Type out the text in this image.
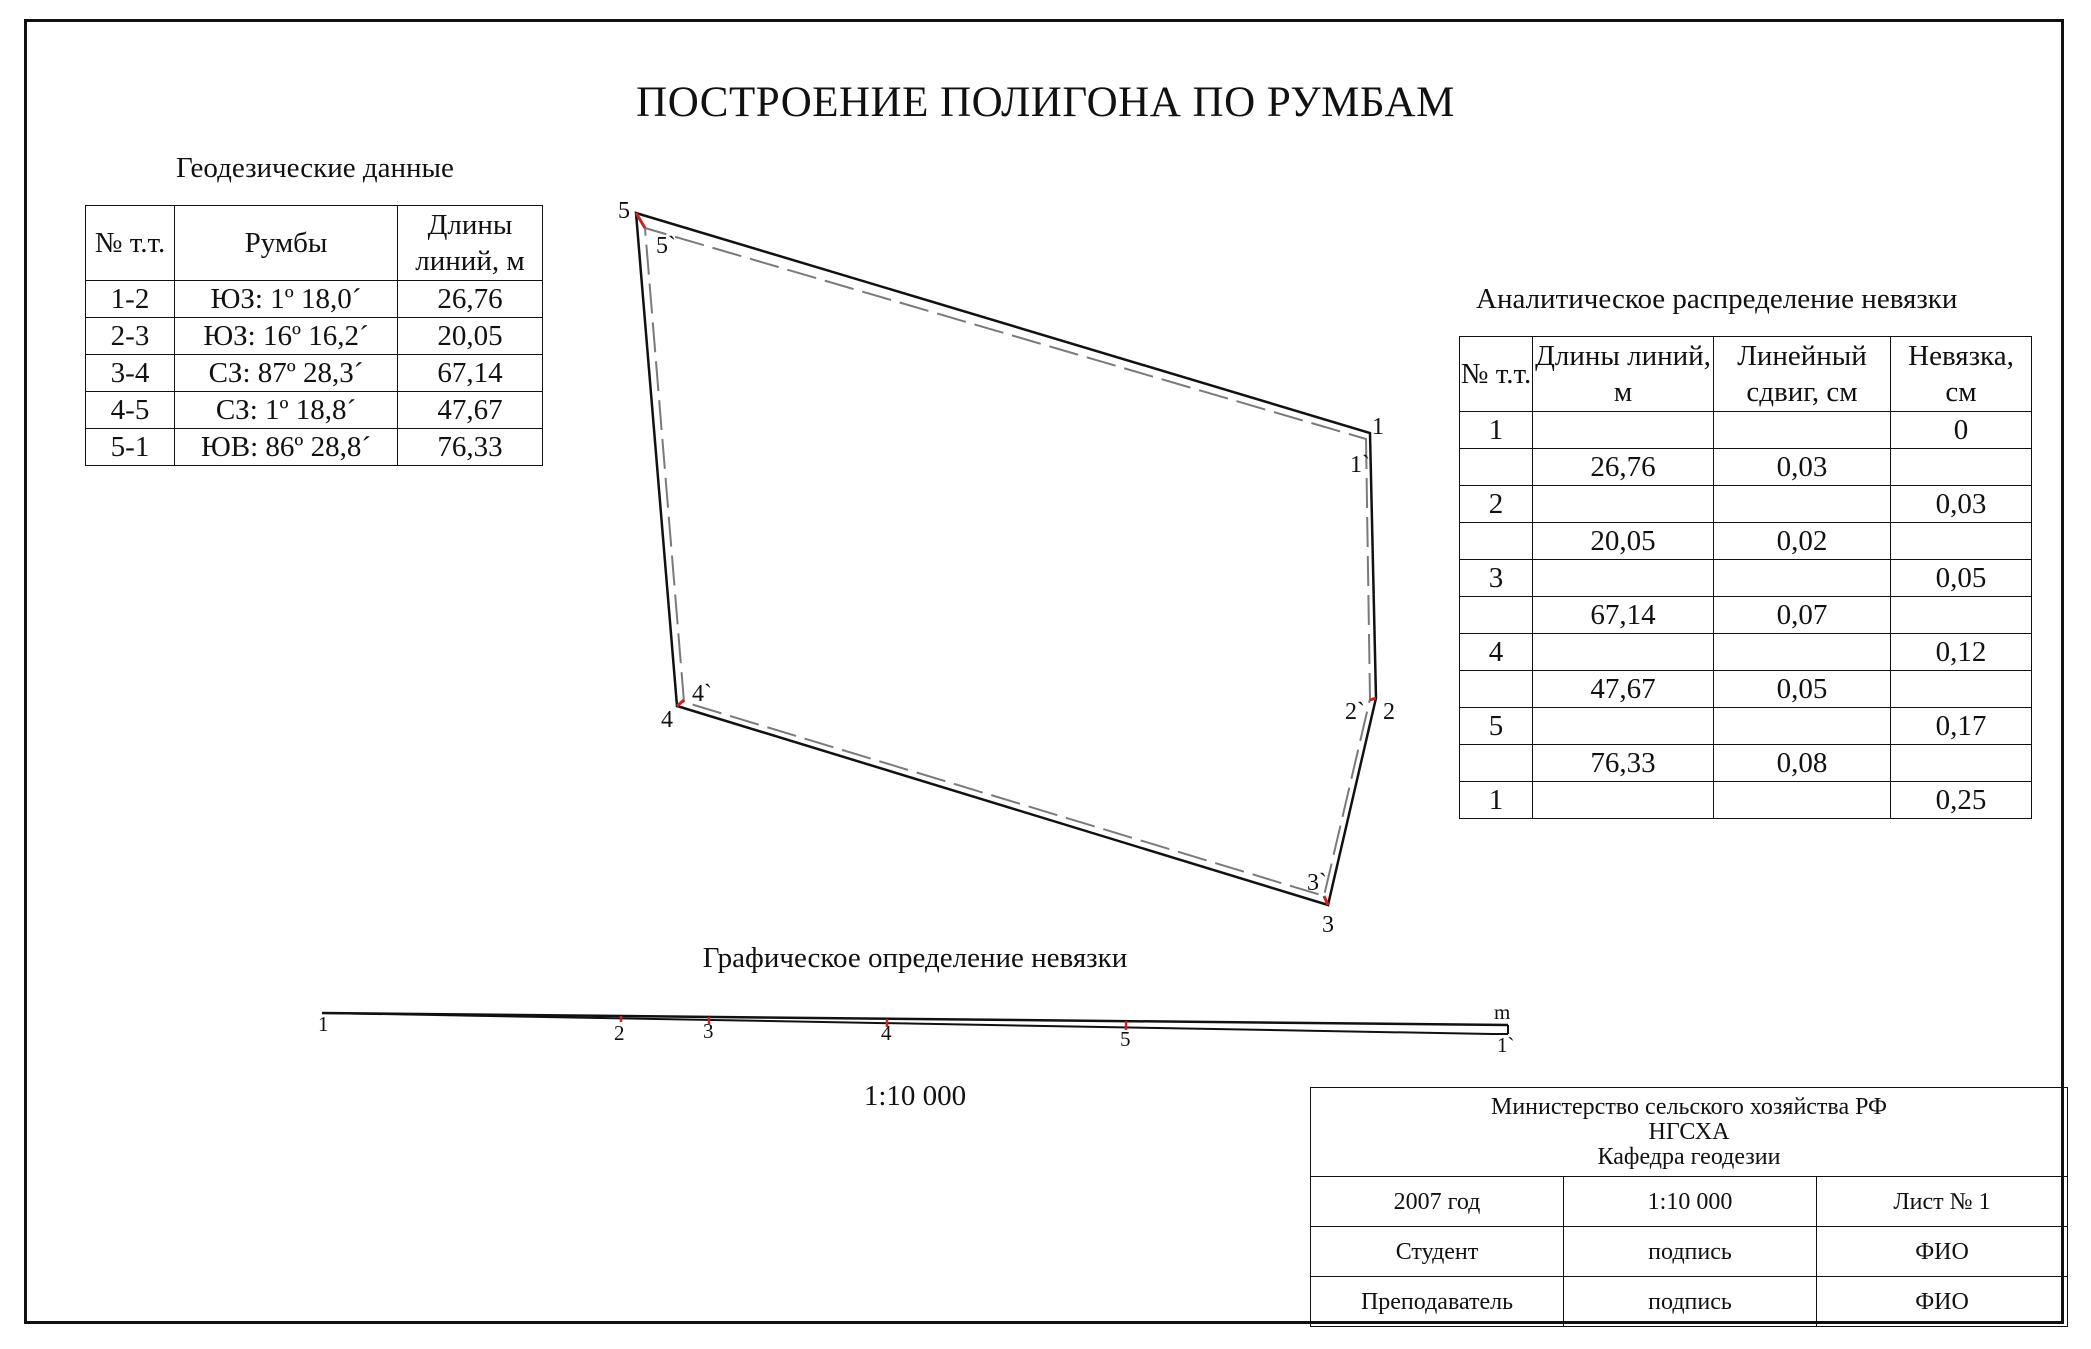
ПОСТРОЕНИЕ ПОЛИГОНА ПО РУМБАМ
Геодезические данные
№ т.т.	Румбы	Длины линий, м
1-2	ЮЗ: 1º 18,0´	26,76
2-3	ЮЗ: 16º 16,2´	20,05
3-4	СЗ: 87º 28,3´	67,14
4-5	СЗ: 1º 18,8´	47,67
5-1	ЮВ: 86º 28,8´	76,33
Аналитическое распределение невязки
№ т.т.	Длины линий, м	Линейный сдвиг, см	Невязка, см
1			0
	26,76	0,03	
2			0,03
	20,05	0,02	
3			0,05
	67,14	0,07	
4			0,12
	47,67	0,05	
5			0,17
	76,33	0,08	
1			0,25
1
1`
2
2`
3
3`
4
4`
5
5`
Графическое определение невязки
1	2	3	4	5	1`
m
1:10 000	Министерство сельского хозяйства РФ
НГСХА
Кафедра геодезии		

2007 год	1:10 000	Лист № 1
Студент	подпись	ФИО
Преподаватель	подпись	ФИО
